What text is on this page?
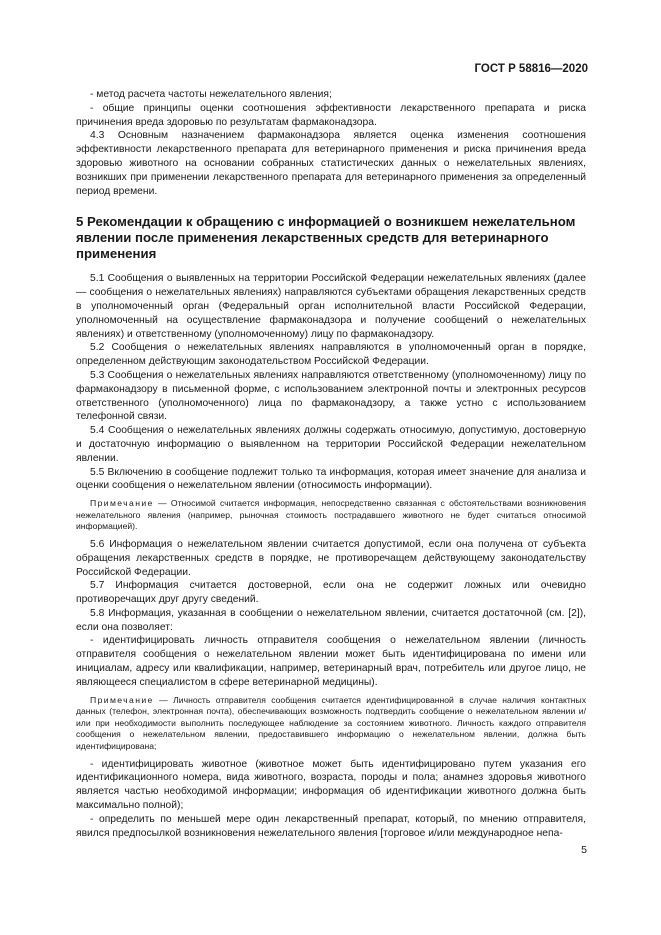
ГОСТ Р 58816—2020

- метод расчета частоты нежелательного явления;

- общие принципы оценки соотношения эффективности лекарственного препарата и риска причинения вреда здоровью по результатам фармаконадзора.

4.3 Основным назначением фармаконадзора является оценка изменения соотношения эффективности лекарственного препарата для ветеринарного применения и риска причинения вреда здоровью животного на основании собранных статистических данных о нежелательных явлениях, возникших при применении лекарственного препарата для ветеринарного применения за определенный период времени.

5 Рекомендации к обращению с информацией о возникшем нежелательном явлении после применения лекарственных средств для ветеринарного применения

5.1 Сообщения о выявленных на территории Российской Федерации нежелательных явлениях (далее — сообщения о нежелательных явлениях) направляются субъектами обращения лекарственных средств в уполномоченный орган (Федеральный орган исполнительной власти Российской Федерации, уполномоченный на осуществление фармаконадзора и получение сообщений о нежелательных явлениях) и ответственному (уполномоченному) лицу по фармаконадзору.

5.2 Сообщения о нежелательных явлениях направляются в уполномоченный орган в порядке, определенном действующим законодательством Российской Федерации.

5.3 Сообщения о нежелательных явлениях направляются ответственному (уполномоченному) лицу по фармаконадзору в письменной форме, с использованием электронной почты и электронных ресурсов ответственного (уполномоченного) лица по фармаконадзору, а также устно с использованием телефонной связи.

5.4 Сообщения о нежелательных явлениях должны содержать относимую, допустимую, достоверную и достаточную информацию о выявленном на территории Российской Федерации нежелательном явлении.

5.5 Включению в сообщение подлежит только та информация, которая имеет значение для анализа и оценки сообщения о нежелательном явлении (относимость информации).

Примечание — Относимой считается информация, непосредственно связанная с обстоятельствами возникновения нежелательного явления (например, рыночная стоимость пострадавшего животного не будет считаться относимой информацией).

5.6 Информация о нежелательном явлении считается допустимой, если она получена от субъекта обращения лекарственных средств в порядке, не противоречащем действующему законодательству Российской Федерации.

5.7 Информация считается достоверной, если она не содержит ложных или очевидно противоречащих друг другу сведений.

5.8 Информация, указанная в сообщении о нежелательном явлении, считается достаточной (см. [2]), если она позволяет:

- идентифицировать личность отправителя сообщения о нежелательном явлении (личность отправителя сообщения о нежелательном явлении может быть идентифицирована по имени или инициалам, адресу или квалификации, например, ветеринарный врач, потребитель или другое лицо, не являющееся специалистом в сфере ветеринарной медицины).

Примечание — Личность отправителя сообщения считается идентифицированной в случае наличия контактных данных (телефон, электронная почта), обеспечивающих возможность подтвердить сообщение о нежелательном явлении и/или при необходимости выполнить последующее наблюдение за состоянием животного. Личность каждого отправителя сообщения о нежелательном явлении, предоставившего информацию о нежелательном явлении, должна быть идентифицирована;

- идентифицировать животное (животное может быть идентифицировано путем указания его идентификационного номера, вида животного, возраста, породы и пола; анамнез здоровья животного является частью необходимой информации; информация об идентификации животного должна быть максимально полной);

- определить по меньшей мере один лекарственный препарат, который, по мнению отправителя, явился предпосылкой возникновения нежелательного явления [торговое и/или международное непа-

5
